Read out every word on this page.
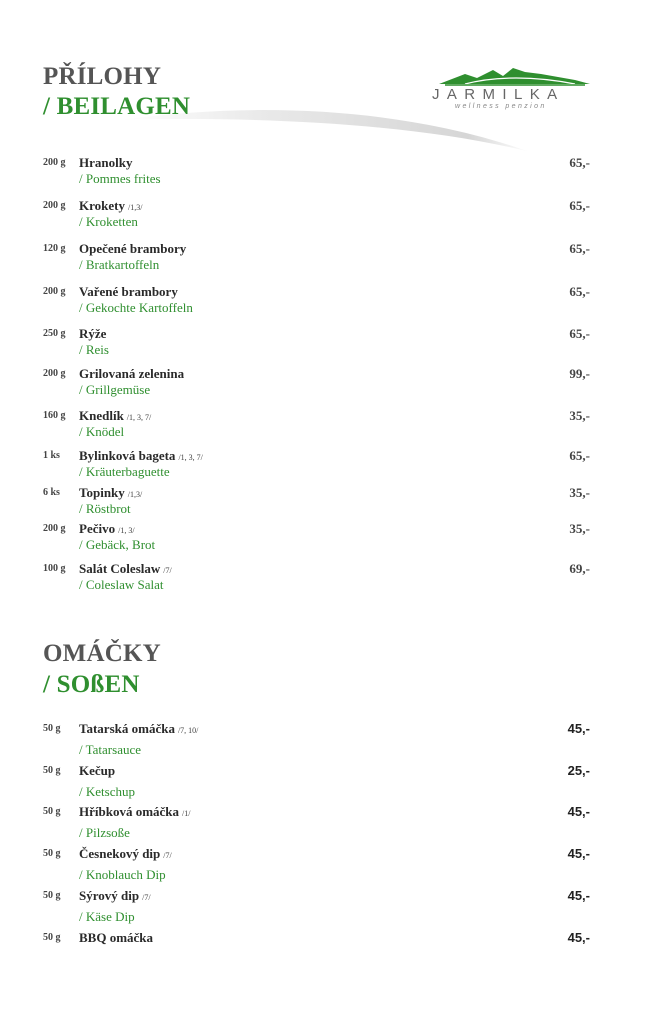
JARMILKA
wellness penzion
PŘÍLOHY
/ BEILAGEN
200 g Hranolky
/ Pommes frites
65,-
200 g Krokety /1,3/
/ Kroketten
65,-
120 g Opečené brambory
/ Bratkartoffeln
65,-
200 g Vařené brambory
/ Gekochte Kartoffeln
65,-
250 g Rýže
/ Reis
65,-
200 g Grilovaná zelenina
/ Grillgemüse
99,-
160 g Knedlík /1, 3, 7/
/ Knödel
35,-
1 ks Bylinková bageta /1, 3, 7/
/ Kräuterbaguette
65,-
6 ks Topinky /1,3/
/ Röstbrot
35,-
200 g Pečivo /1, 3/
/ Gebäck, Brot
35,-
100 g Salát Coleslaw /7/
/ Coleslaw Salat
69,-
OMÁČKY
/ SOßEN
50 g Tatarská omáčka /7, 10/
/ Tatarsauce
45,-
50 g Kečup
/ Ketschup
25,-
50 g Hříbková omáčka /1/
/ Pilzsoße
45,-
50 g Česnekový dip /7/
/ Knoblauch Dip
45,-
50 g Sýrový dip /7/
/ Käse Dip
45,-
50 g BBQ omáčka	45,-
